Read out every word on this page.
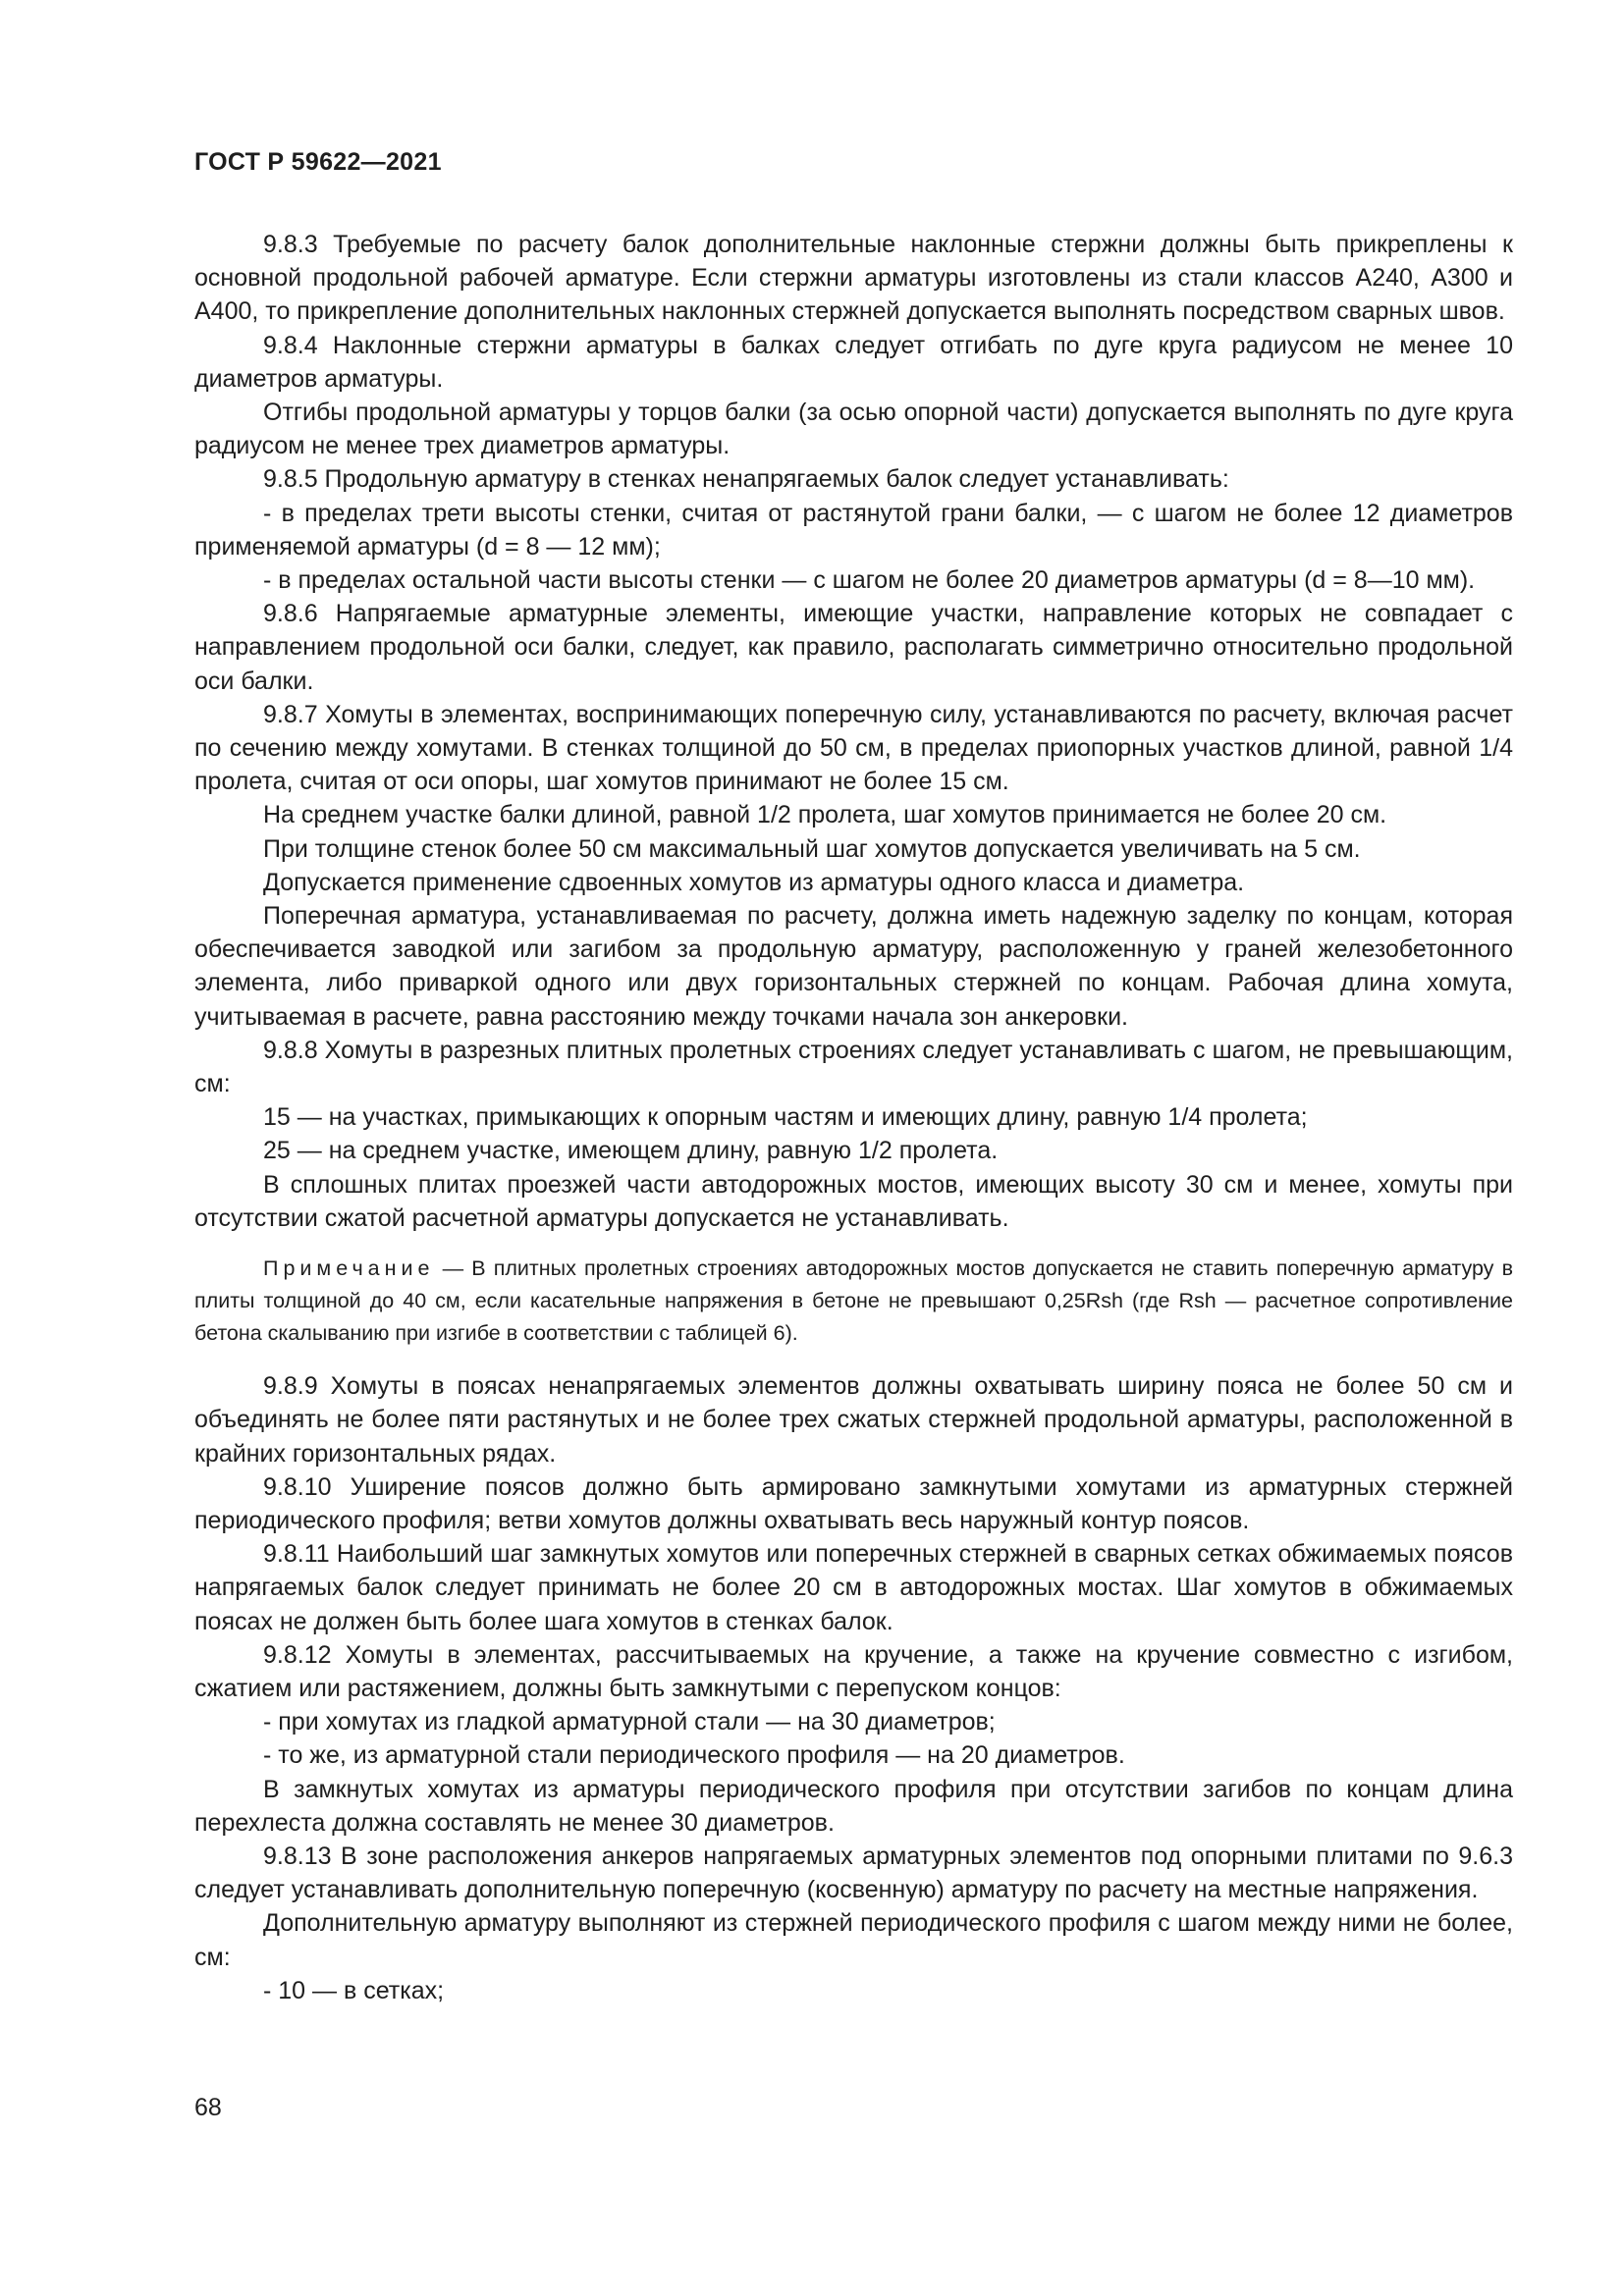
ГОСТ Р 59622—2021

9.8.3 Требуемые по расчету балок дополнительные наклонные стержни должны быть прикреплены к основной продольной рабочей арматуре. Если стержни арматуры изготовлены из стали классов А240, А300 и А400, то прикрепление дополнительных наклонных стержней допускается выполнять посредством сварных швов.

9.8.4 Наклонные стержни арматуры в балках следует отгибать по дуге круга радиусом не менее 10 диаметров арматуры.

Отгибы продольной арматуры у торцов балки (за осью опорной части) допускается выполнять по дуге круга радиусом не менее трех диаметров арматуры.

9.8.5 Продольную арматуру в стенках ненапрягаемых балок следует устанавливать:

- в пределах трети высоты стенки, считая от растянутой грани балки, — с шагом не более 12 диаметров применяемой арматуры (d = 8 — 12 мм);

- в пределах остальной части высоты стенки — с шагом не более 20 диаметров арматуры (d = 8—10 мм).

9.8.6 Напрягаемые арматурные элементы, имеющие участки, направление которых не совпадает с направлением продольной оси балки, следует, как правило, располагать симметрично относительно продольной оси балки.

9.8.7 Хомуты в элементах, воспринимающих поперечную силу, устанавливаются по расчету, включая расчет по сечению между хомутами. В стенках толщиной до 50 см, в пределах приопорных участков длиной, равной 1/4 пролета, считая от оси опоры, шаг хомутов принимают не более 15 см.

На среднем участке балки длиной, равной 1/2 пролета, шаг хомутов принимается не более 20 см.

При толщине стенок более 50 см максимальный шаг хомутов допускается увеличивать на 5 см.

Допускается применение сдвоенных хомутов из арматуры одного класса и диаметра.

Поперечная арматура, устанавливаемая по расчету, должна иметь надежную заделку по концам, которая обеспечивается заводкой или загибом за продольную арматуру, расположенную у граней железобетонного элемента, либо приваркой одного или двух горизонтальных стержней по концам. Рабочая длина хомута, учитываемая в расчете, равна расстоянию между точками начала зон анкеровки.

9.8.8 Хомуты в разрезных плитных пролетных строениях следует устанавливать с шагом, не превышающим, см:

15 — на участках, примыкающих к опорным частям и имеющих длину, равную 1/4 пролета;

25 — на среднем участке, имеющем длину, равную 1/2 пролета.

В сплошных плитах проезжей части автодорожных мостов, имеющих высоту 30 см и менее, хомуты при отсутствии сжатой расчетной арматуры допускается не устанавливать.

Примечание — В плитных пролетных строениях автодорожных мостов допускается не ставить поперечную арматуру в плиты толщиной до 40 см, если касательные напряжения в бетоне не превышают 0,25Rsh (где Rsh — расчетное сопротивление бетона скалыванию при изгибе в соответствии с таблицей 6).

9.8.9 Хомуты в поясах ненапрягаемых элементов должны охватывать ширину пояса не более 50 см и объединять не более пяти растянутых и не более трех сжатых стержней продольной арматуры, расположенной в крайних горизонтальных рядах.

9.8.10 Уширение поясов должно быть армировано замкнутыми хомутами из арматурных стержней периодического профиля; ветви хомутов должны охватывать весь наружный контур поясов.

9.8.11 Наибольший шаг замкнутых хомутов или поперечных стержней в сварных сетках обжимаемых поясов напрягаемых балок следует принимать не более 20 см в автодорожных мостах. Шаг хомутов в обжимаемых поясах не должен быть более шага хомутов в стенках балок.

9.8.12 Хомуты в элементах, рассчитываемых на кручение, а также на кручение совместно с изгибом, сжатием или растяжением, должны быть замкнутыми с перепуском концов:

- при хомутах из гладкой арматурной стали — на 30 диаметров;

- то же, из арматурной стали периодического профиля — на 20 диаметров.

В замкнутых хомутах из арматуры периодического профиля при отсутствии загибов по концам длина перехлеста должна составлять не менее 30 диаметров.

9.8.13 В зоне расположения анкеров напрягаемых арматурных элементов под опорными плитами по 9.6.3 следует устанавливать дополнительную поперечную (косвенную) арматуру по расчету на местные напряжения.

Дополнительную арматуру выполняют из стержней периодического профиля с шагом между ними не более, см:

- 10 — в сетках;

68
